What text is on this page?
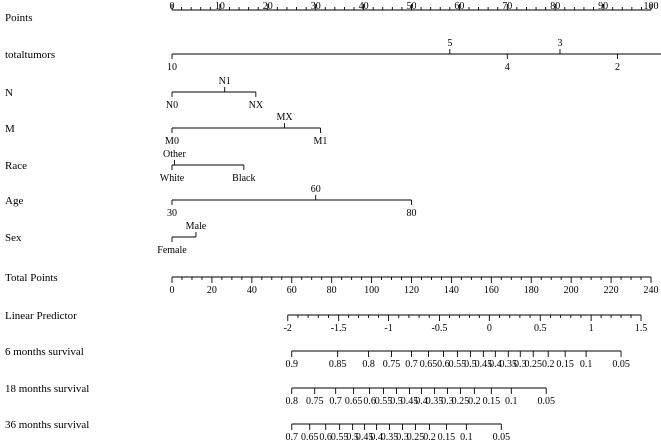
Points
0	10	20	30	40	50	60	70	80	90	100
totaltumors
10
5
4
3
2
N
N0
N1
NX
M
M0
MX
M1
Race
White
Other
Black
Age
30
60
80
Sex
Female
Male
Total Points
0	20	40	60	80	100 120 140 160 180 200 220 240
Linear Predictor
-2	-1.5	-1	-0.5	0	0.5	1	1.5
6 months survival
0.9	0.85 0.8 0.75 0.7 0.65 0.6
0.55
0.5
0.45
0.4
0.35
0.3
0.25 0.2 0.15 0.1 0.05
18 months survival
0.8 0.75 0.7 0.65 0.6
0.55
0.5
0.45
0.4
0.35
0.3
0.25
0.2 0.15 0.1 0.05
36 months survival
0.7 0.65 0.6
0.55
0.5
0.45
0.4
0.35
0.3
0.25
0.2 0.15 0.1 0.05
